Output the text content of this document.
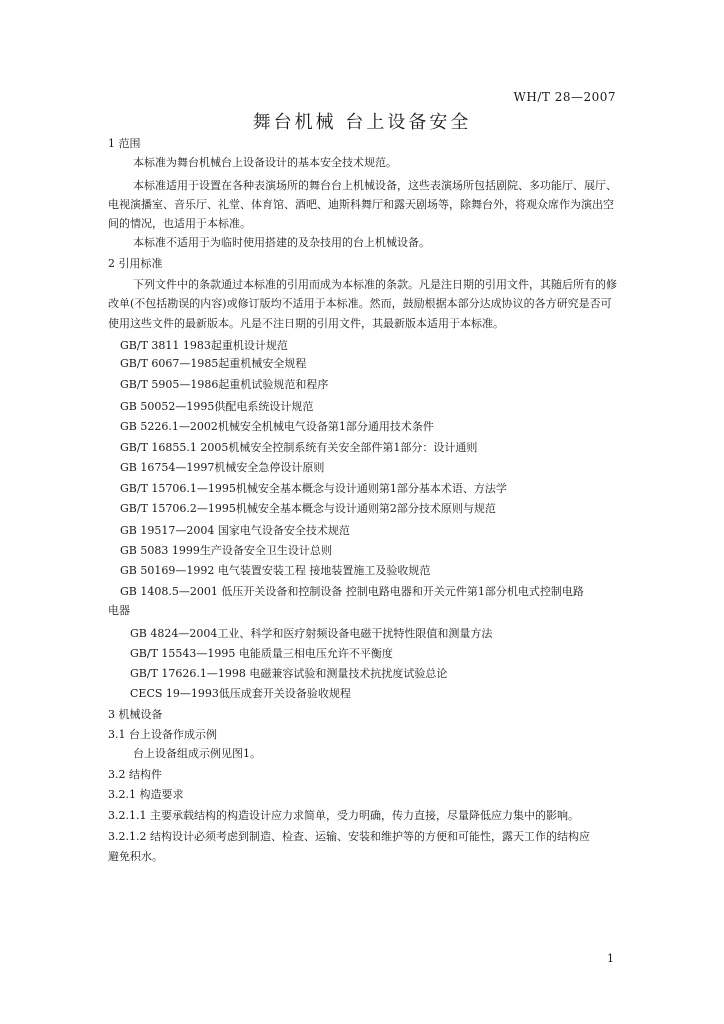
WH/T 28—2007
舞台机械 台上设备安全
1 范围
本标准为舞台机械台上设备设计的基本安全技术规范。
本标准适用于设置在各种表演场所的舞台台上机械设备，这些表演场所包括剧院、多功能厅、展厅、
电视演播室、音乐厅、礼堂、体育馆、酒吧、迪斯科舞厅和露天剧场等，除舞台外，将观众席作为演出空
间的情况，也适用于本标准。
本标准不适用于为临时使用搭建的及杂技用的台上机械设备。
2 引用标准
下列文件中的条款通过本标准的引用而成为本标准的条款。凡是注日期的引用文件，其随后所有的修
改单(不包括勘误的内容)或修订版均不适用于本标准。然而，鼓励根据本部分达成协议的各方研究是否可
使用这些文件的最新版本。凡是不注日期的引用文件，其最新版本适用于本标准。
GB/T 3811 1983起重机设计规范
GB/T 6067—1985起重机械安全规程
GB/T 5905—1986起重机试验规范和程序
GB 50052—1995供配电系统设计规范
GB 5226.1—2002机械安全机械电气设备第1部分通用技术条件
GB/T 16855.1 2005机械安全控制系统有关安全部件第1部分：设计通则
GB 16754—1997机械安全急停设计原则
GB/T 15706.1—1995机械安全基本概念与设计通则第1部分基本术语、方法学
GB/T 15706.2—1995机械安全基本概念与设计通则第2部分技术原则与规范
GB 19517—2004 国家电气设备安全技术规范
GB 5083 1999生产设备安全卫生设计总则
GB 50169—1992 电气装置安装工程 接地装置施工及验收规范
GB 1408.5—2001 低压开关设备和控制设备 控制电路电器和开关元件第1部分机电式控制电路
电器
GB 4824—2004工业、科学和医疗射频设备电磁干扰特性限值和测量方法
GB/T 15543—1995 电能质量三相电压允许不平衡度
GB/T 17626.1—1998 电磁兼容试验和测量技术抗扰度试验总论
CECS 19—1993低压成套开关设备验收规程
3 机械设备
3.1 台上设备作成示例
台上设备组成示例见图1。
3.2 结构件
3.2.1 构造要求
3.2.1.1 主要承载结构的构造设计应力求简单，受力明确，传力直接，尽量降低应力集中的影响。
3.2.1.2 结构设计必须考虑到制造、检查、运输、安装和维护等的方便和可能性，露天工作的结构应
避免积水。
1
